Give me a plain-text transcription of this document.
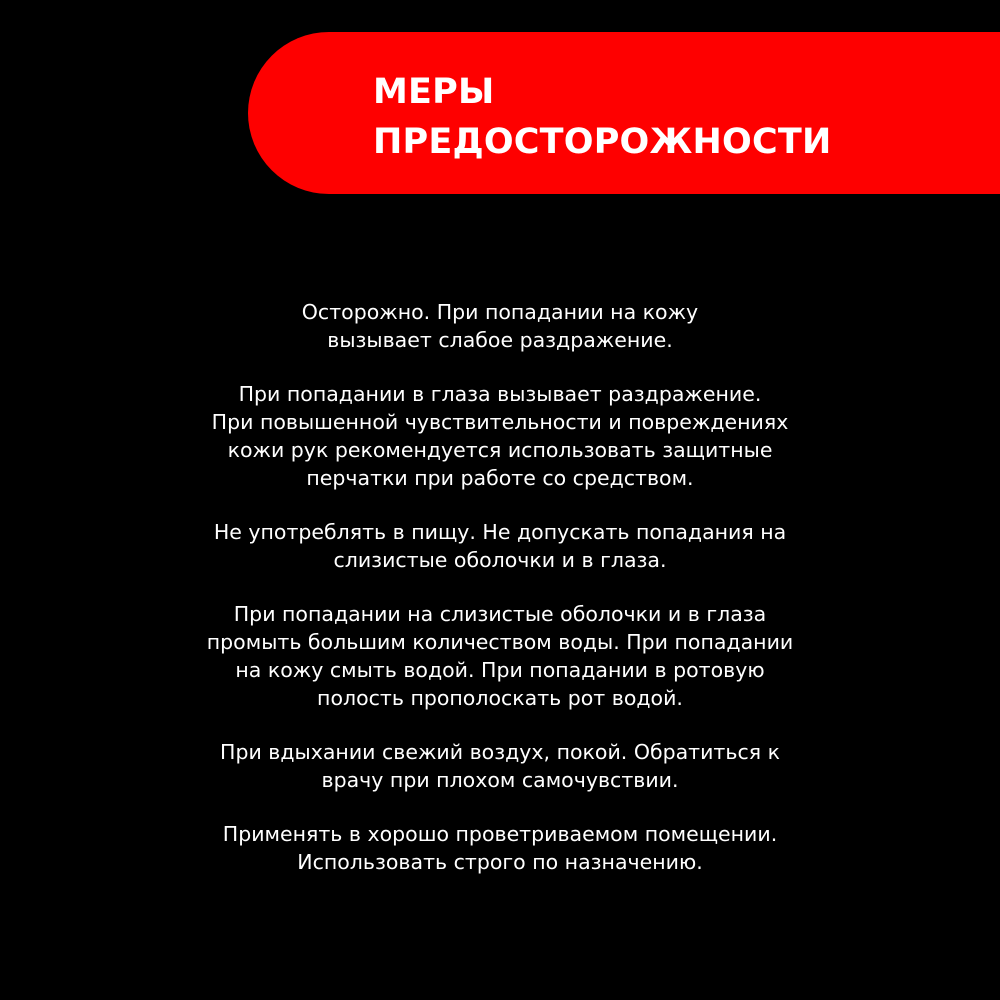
МЕРЫ
ПРЕДОСТОРОЖНОСТИ

Осторожно. При попадании на кожу
вызывает слабое раздражение.

При попадании в глаза вызывает раздражение.
При повышенной чувствительности и повреждениях
кожи рук рекомендуется использовать защитные
перчатки при работе со средством.

Не употреблять в пищу. Не допускать попадания на
слизистые оболочки и в глаза.

При попадании на слизистые оболочки и в глаза
промыть большим количеством воды. При попадании
на кожу смыть водой. При попадании в ротовую
полость прополоскать рот водой.

При вдыхании свежий воздух, покой. Обратиться к
врачу при плохом самочувствии.

Применять в хорошо проветриваемом помещении.
Использовать строго по назначению.
